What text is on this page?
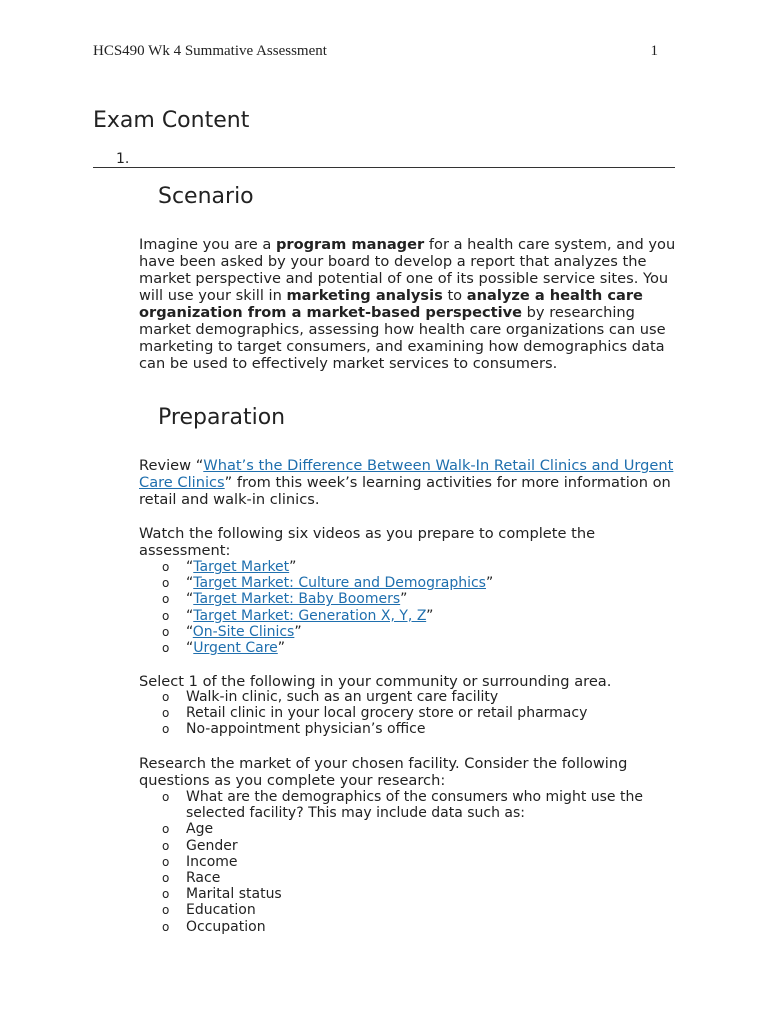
HCS490 Wk 4 Summative Assessment	1
Exam Content
1.
Scenario

Imagine you are a program manager for a health care system, and you have been asked by your board to develop a report that analyzes the market perspective and potential of one of its possible service sites. You will use your skill in marketing analysis to analyze a health care organization from a market-based perspective by researching market demographics, assessing how health care organizations can use marketing to target consumers, and examining how demographics data can be used to effectively market services to consumers.

Preparation

Review “What’s the Difference Between Walk-In Retail Clinics and Urgent Care Clinics” from this week’s learning activities for more information on retail and walk-in clinics.

Watch the following six videos as you prepare to complete the assessment:

o “Target Market”
o “Target Market: Culture and Demographics”
o “Target Market: Baby Boomers”
o “Target Market: Generation X, Y, Z”
o “On-Site Clinics”
o “Urgent Care”

Select 1 of the following in your community or surrounding area.

o Walk-in clinic, such as an urgent care facility
o Retail clinic in your local grocery store or retail pharmacy
o No-appointment physician’s office

Research the market of your chosen facility. Consider the following questions as you complete your research:

o What are the demographics of the consumers who might use the selected facility? This may include data such as:
o Age
o Gender
o Income
o Race
o Marital status
o Education
o Occupation
